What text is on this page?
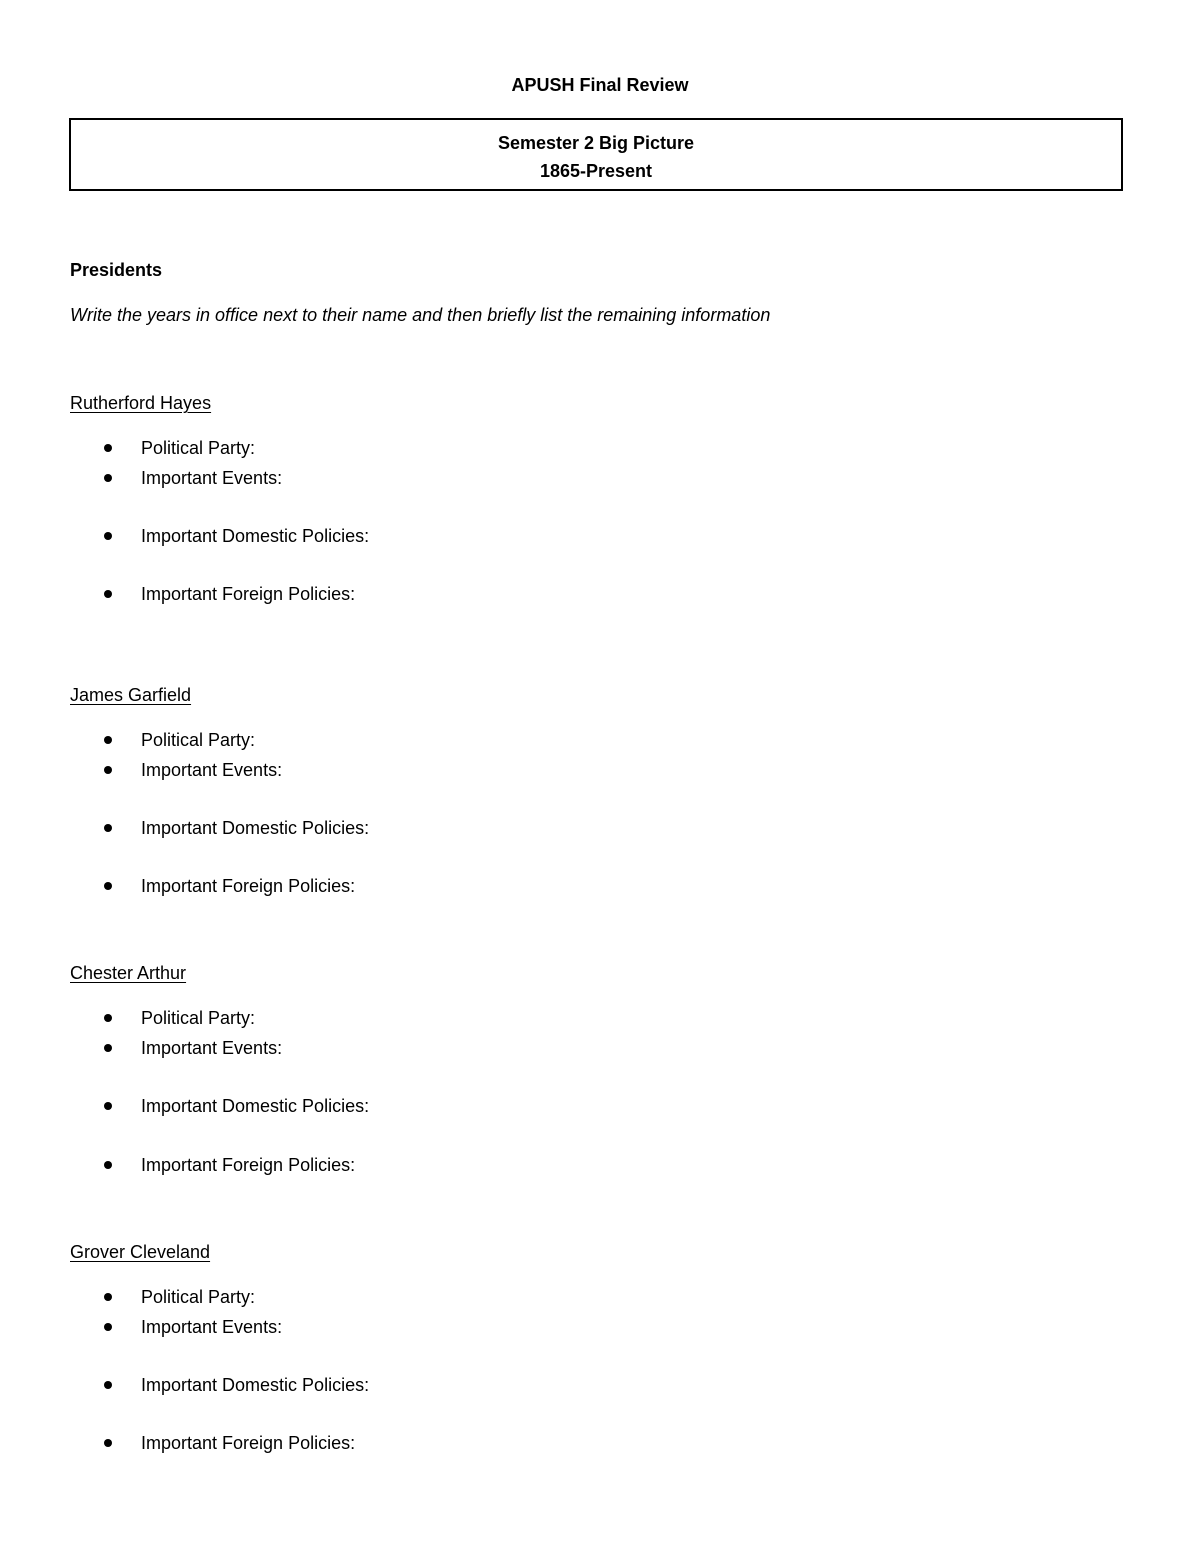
APUSH Final Review
Semester 2 Big Picture
1865-Present
Presidents
Write the years in office next to their name and then briefly list the remaining information
Rutherford Hayes
Political Party:
Important Events:
Important Domestic Policies:
Important Foreign Policies:
James Garfield
Political Party:
Important Events:
Important Domestic Policies:
Important Foreign Policies:
Chester Arthur
Political Party:
Important Events:
Important Domestic Policies:
Important Foreign Policies:
Grover Cleveland
Political Party:
Important Events:
Important Domestic Policies:
Important Foreign Policies:
